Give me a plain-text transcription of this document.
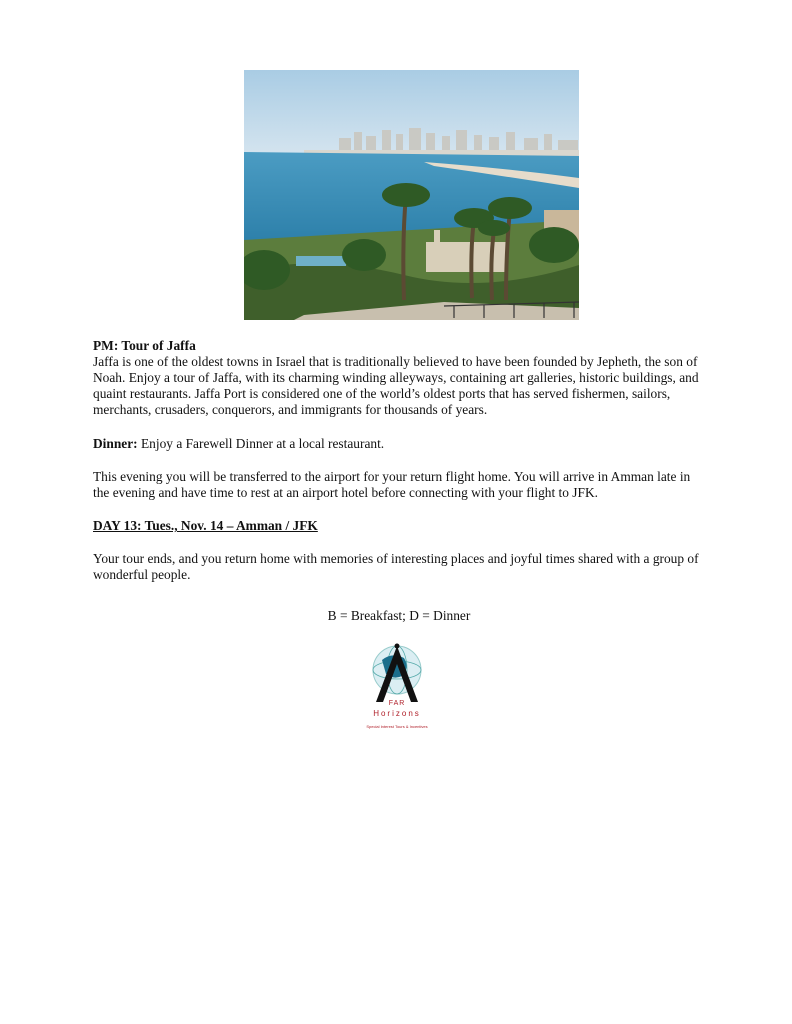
PM: Tour of Jaffa
Jaffa is one of the oldest towns in Israel that is traditionally believed to have been founded by Jepheth, the son of Noah. Enjoy a tour of Jaffa, with its charming winding alleyways, containing art galleries, historic buildings, and quaint restaurants. Jaffa Port is considered one of the world’s oldest ports that has served fishermen, sailors, merchants, crusaders, conquerors, and immigrants for thousands of years.
Dinner: Enjoy a Farewell Dinner at a local restaurant.
This evening you will be transferred to the airport for your return flight home. You will arrive in Amman late in the evening and have time to rest at an airport hotel before connecting with your flight to JFK.
DAY 13: Tues., Nov. 14 – Amman / JFK
Your tour ends, and you return home with memories of interesting places and joyful times shared with a group of wonderful people.
B = Breakfast; D = Dinner
FAR
Horizons
Special Interest Tours & Incentives
